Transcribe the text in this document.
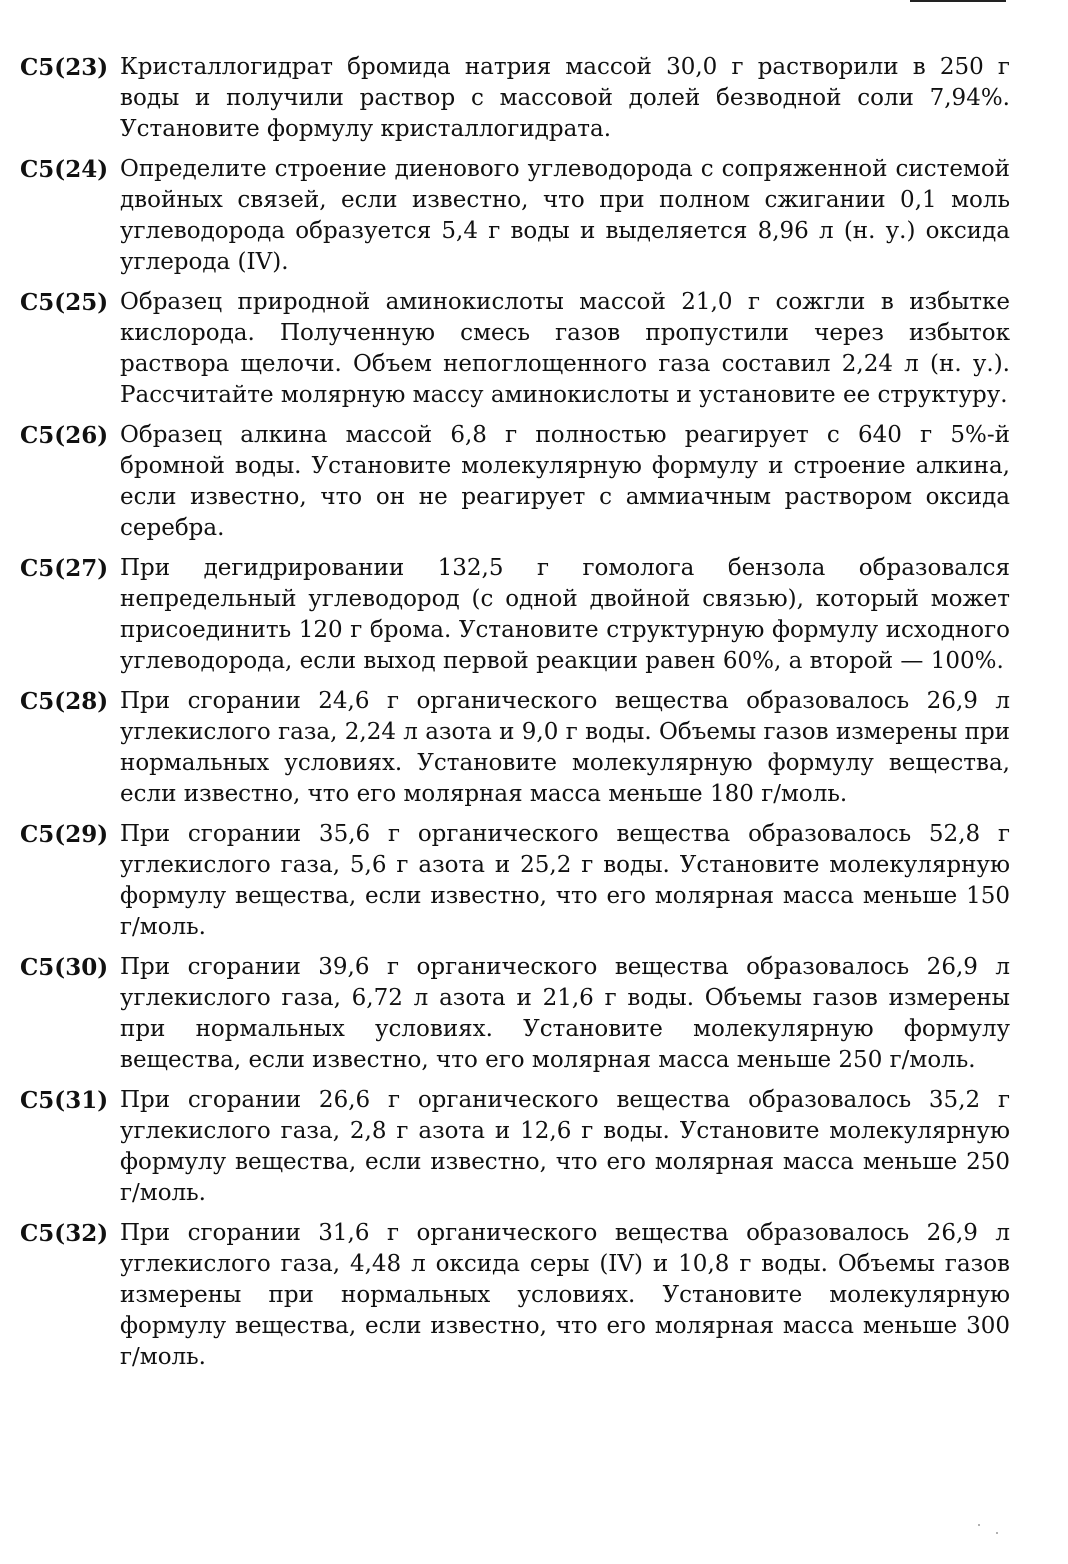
С5(23) Кристаллогидрат бромида натрия массой 30,0 г растворили в 250 г воды и получили раствор с массовой долей безводной соли 7,94%. Установите формулу кристаллогидрата.
С5(24) Определите строение диенового углеводорода с сопряженной системой двойных связей, если известно, что при полном сжигании 0,1 моль углеводорода образуется 5,4 г воды и выделяется 8,96 л (н. у.) оксида углерода (IV).
С5(25) Образец природной аминокислоты массой 21,0 г сожгли в избытке кислорода. Полученную смесь газов пропустили через избыток раствора щелочи. Объем непоглощенного газа составил 2,24 л (н. у.). Рассчитайте молярную массу аминокислоты и установите ее структуру.
С5(26) Образец алкина массой 6,8 г полностью реагирует с 640 г 5%-й бромной воды. Установите молекулярную формулу и строение алкина, если известно, что он не реагирует с аммиачным раствором оксида серебра.
С5(27) При дегидрировании 132,5 г гомолога бензола образовался непредельный углеводород (с одной двойной связью), который может присоединить 120 г брома. Установите структурную формулу исходного углеводорода, если выход первой реакции равен 60%, а второй — 100%.
С5(28) При сгорании 24,6 г органического вещества образовалось 26,9 л углекислого газа, 2,24 л азота и 9,0 г воды. Объемы газов измерены при нормальных условиях. Установите молекулярную формулу вещества, если известно, что его молярная масса меньше 180 г/моль.
С5(29) При сгорании 35,6 г органического вещества образовалось 52,8 г углекислого газа, 5,6 г азота и 25,2 г воды. Установите молекулярную формулу вещества, если известно, что его молярная масса меньше 150 г/моль.
С5(30) При сгорании 39,6 г органического вещества образовалось 26,9 л углекислого газа, 6,72 л азота и 21,6 г воды. Объемы газов измерены при нормальных условиях. Установите молекулярную формулу вещества, если известно, что его молярная масса меньше 250 г/моль.
С5(31) При сгорании 26,6 г органического вещества образовалось 35,2 г углекислого газа, 2,8 г азота и 12,6 г воды. Установите молекулярную формулу вещества, если известно, что его молярная масса меньше 250 г/моль.
С5(32) При сгорании 31,6 г органического вещества образовалось 26,9 л углекислого газа, 4,48 л оксида серы (IV) и 10,8 г воды. Объемы газов измерены при нормальных условиях. Установите молекулярную формулу вещества, если известно, что его молярная масса меньше 300 г/моль.
